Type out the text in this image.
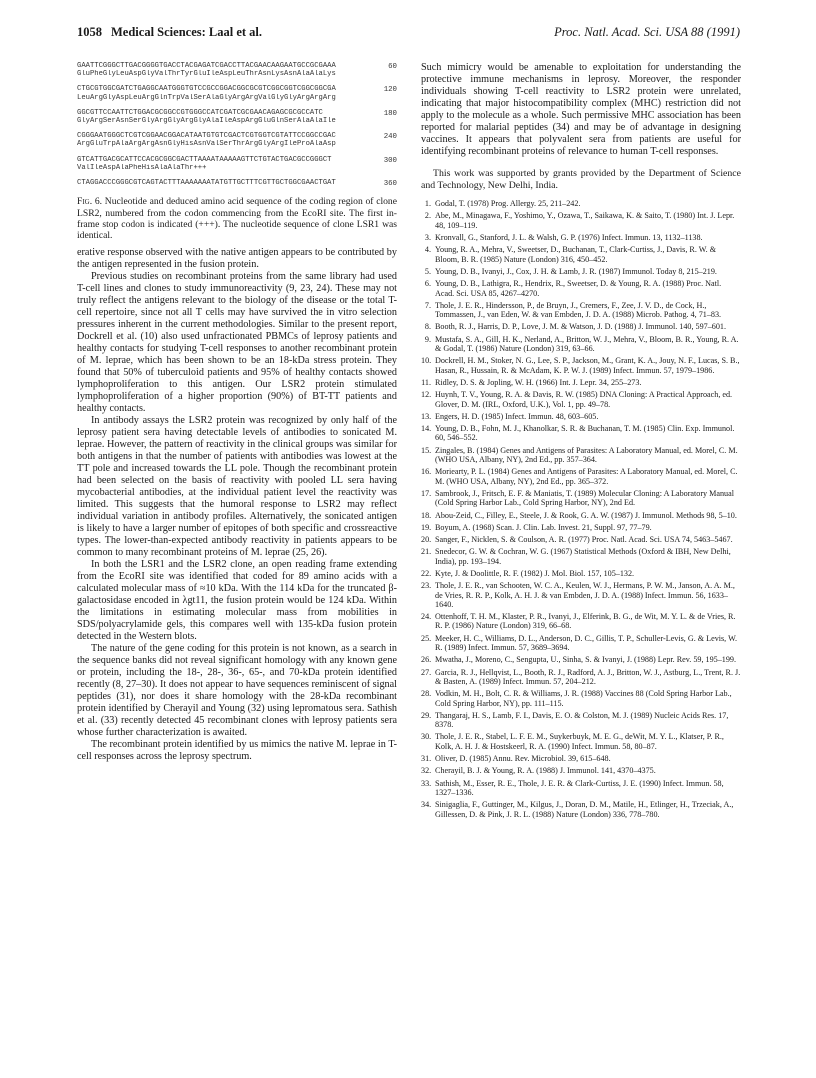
1058 Medical Sciences: Laal et al.	Proc. Natl. Acad. Sci. USA 88 (1991)
GAATTCGGGCTTGACGGGGTGACCTACGAGATCGACCTTACGAACAAGAATGCCGCGAAA
GluPheGlyLeuAspGlyValThrTyrGluIleAspLeuThrAsnLysAsnAlaAlaLys
60
CTGCGTGGCGATCTGAGGCAATGGGTGTCCGCCGGACGGCGCGTCGGCGGTCGGCGGCGA
LeuArgGlyAspLeuArgGlnTrpValSerAlaGlyArgArgValGlyGlyArgArgArg
120
GGCGTTCCAATTCTGGACGCGGCCGTGGGCCATCGATCGCGAACAGAGCGCGCCATC
GlyArgSerAsnSerGlyArgGlyArgGlyAlaIleAspArgGluGlnSerAlaAlaIle
180
CGGGAATGGGCTCGTCGGAACGGACATAATGTGTCGACTCGTGGTCGTATTCCGGCCGAC
ArgGluTrpAlaArgArgAsnGlyHisAsnValSerThrArgGlyArgIleProAlaAsp
240
GTCATTGACGCATTCCACGCGGCGACTTAAAATAAAAAGTTCTGTACTGACGCCGGGCT
ValIleAspAlaPheHisAlaAlaThr+++
300
CTAGGACCCGGGCGTCAGTACTTTAAAAAAATATGTTGCTTTCGTTGCTGGCGAACTGAT	360
Fig. 6. Nucleotide and deduced amino acid sequence of the coding region of clone LSR2, numbered from the codon commencing from the EcoRI site. The first in-frame stop codon is indicated (+++). The nucleotide sequence of clone LSR1 was identical.

erative response observed with the native antigen appears to be contributed by the antigen represented in the fusion protein.

Previous studies on recombinant proteins from the same library had used T-cell lines and clones to study immunoreactivity (9, 23, 24). These may not truly reflect the antigens relevant to the biology of the disease or the total T-cell repertoire, since not all T cells may have survived the in vitro selection pressures inherent in the current methodologies. Similar to the present report, Dockrell et al. (10) also used unfractionated PBMCs of leprosy patients and healthy contacts for studying T-cell responses to another recombinant protein of M. leprae, which has been shown to be an 18-kDa stress protein. They found that 50% of tuberculoid patients and 95% of healthy contacts showed lymphoproliferation to this antigen. Our LSR2 protein stimulated lymphoproliferation of a higher proportion (90%) of BT-TT patients and healthy contacts.

In antibody assays the LSR2 protein was recognized by only half of the leprosy patient sera having detectable levels of antibodies to sonicated M. leprae. However, the pattern of reactivity in the clinical groups was similar for both antigens in that the number of patients with antibodies was lowest at the TT pole and increased towards the LL pole. Though the recombinant protein had been selected on the basis of reactivity with pooled LL sera having mycobacterial antibodies, at the individual patient level the reactivity was limited. This suggests that the humoral response to LSR2 may reflect individual variation in antibody profiles. Alternatively, the sonicated antigen is likely to have a larger number of epitopes of both specific and crossreactive types. The lower-than-expected antibody reactivity in patients appears to be common to many recombinant proteins of M. leprae (25, 26).

In both the LSR1 and the LSR2 clone, an open reading frame extending from the EcoRI site was identified that coded for 89 amino acids with a calculated molecular mass of ≈10 kDa. With the 114 kDa for the truncated β-galactosidase encoded in λgt11, the fusion protein would be 124 kDa. Within the limitations in estimating molecular mass from mobilities in SDS/polyacrylamide gels, this compares well with 135-kDa fusion protein detected in the Western blots.

The nature of the gene coding for this protein is not known, as a search in the sequence banks did not reveal significant homology with any known gene or protein, including the 18-, 28-, 36-, 65-, and 70-kDa protein identified recently (8, 27–30). It does not appear to have sequences reminiscent of signal peptides (31), nor does it share homology with the 28-kDa recombinant protein identified by Cherayil and Young (32) using lepromatous sera. Sathish et al. (33) recently detected 45 recombinant clones with leprosy patients sera whose further characterization is awaited.

The recombinant protein identified by us mimics the native M. leprae in T-cell responses across the leprosy spectrum.

Such mimicry would be amenable to exploitation for understanding the protective immune mechanisms in leprosy. Moreover, the responder individuals showing T-cell reactivity to LSR2 protein were unrelated, indicating that major histocompatibility complex (MHC) restriction did not apply to the molecule as a whole. Such permissive MHC association has been reported for malarial peptides (34) and may be of advantage in designing vaccines. It appears that polyvalent sera from patients are useful for identifying recombinant proteins of relevance to human T-cell responses.

This work was supported by grants provided by the Department of Science and Technology, New Delhi, India.
1. Godal, T. (1978) Prog. Allergy. 25, 211–242.
2. Abe, M., Minagawa, F., Yoshimo, Y., Ozawa, T., Saikawa, K. & Saito, T. (1980) Int. J. Lepr. 48, 109–119.
3. Kronvall, G., Stanford, J. L. & Walsh, G. P. (1976) Infect. Immun. 13, 1132–1138.
4. Young, R. A., Mehra, V., Sweetser, D., Buchanan, T., Clark-Curtiss, J., Davis, R. W. & Bloom, B. R. (1985) Nature (London) 316, 450–452.
5. Young, D. B., Ivanyi, J., Cox, J. H. & Lamb, J. R. (1987) Immunol. Today 8, 215–219.
6. Young, D. B., Lathigra, R., Hendrix, R., Sweetser, D. & Young, R. A. (1988) Proc. Natl. Acad. Sci. USA 85, 4267–4270.
7. Thole, J. E. R., Hindersson, P., de Bruyn, J., Cremers, F., Zee, J. V. D., de Cock, H., Tommassen, J., van Eden, W. & van Embden, J. D. A. (1988) Microb. Pathog. 4, 71–83.
8. Booth, R. J., Harris, D. P., Love, J. M. & Watson, J. D. (1988) J. Immunol. 140, 597–601.
9. Mustafa, S. A., Gill, H. K., Nerland, A., Britton, W. J., Mehra, V., Bloom, B. R., Young, R. A. & Godal, T. (1986) Nature (London) 319, 63–66.
10. Dockrell, H. M., Stoker, N. G., Lee, S. P., Jackson, M., Grant, K. A., Jouy, N. F., Lucas, S. B., Hasan, R., Hussain, R. & McAdam, K. P. W. J. (1989) Infect. Immun. 57, 1979–1986.
11. Ridley, D. S. & Jopling, W. H. (1966) Int. J. Lepr. 34, 255–273.
12. Huynh, T. V., Young, R. A. & Davis, R. W. (1985) DNA Cloning: A Practical Approach, ed. Glover, D. M. (IRL, Oxford, U.K.), Vol. 1, pp. 49–78.
13. Engers, H. D. (1985) Infect. Immun. 48, 603–605.
14. Young, D. B., Fohn, M. J., Khanolkar, S. R. & Buchanan, T. M. (1985) Clin. Exp. Immunol. 60, 546–552.
15. Zingales, B. (1984) Genes and Antigens of Parasites: A Laboratory Manual, ed. Morel, C. M. (WHO USA, Albany, NY), 2nd Ed., pp. 357–364.
16. Moriearty, P. L. (1984) Genes and Antigens of Parasites: A Laboratory Manual, ed. Morel, C. M. (WHO USA, Albany, NY), 2nd Ed., pp. 365–372.
17. Sambrook, J., Fritsch, E. F. & Maniatis, T. (1989) Molecular Cloning: A Laboratory Manual (Cold Spring Harbor Lab., Cold Spring Harbor, NY), 2nd Ed.
18. Abou-Zeid, C., Filley, E., Steele, J. & Rook, G. A. W. (1987) J. Immunol. Methods 98, 5–10.
19. Boyum, A. (1968) Scan. J. Clin. Lab. Invest. 21, Suppl. 97, 77–79.
20. Sanger, F., Nicklen, S. & Coulson, A. R. (1977) Proc. Natl. Acad. Sci. USA 74, 5463–5467.
21. Snedecor, G. W. & Cochran, W. G. (1967) Statistical Methods (Oxford & IBH, New Delhi, India), pp. 193–194.
22. Kyte, J. & Doolittle, R. F. (1982) J. Mol. Biol. 157, 105–132.
23. Thole, J. E. R., van Schooten, W. C. A., Keulen, W. J., Hermans, P. W. M., Janson, A. A. M., de Vries, R. R. P., Kolk, A. H. J. & van Embden, J. D. A. (1988) Infect. Immun. 56, 1633–1640.
24. Ottenhoff, T. H. M., Klaster, P. R., Ivanyi, J., Elferink, B. G., de Wit, M. Y. L. & de Vries, R. R. P. (1986) Nature (London) 319, 66–68.
25. Meeker, H. C., Williams, D. L., Anderson, D. C., Gillis, T. P., Schuller-Levis, G. & Levis, W. R. (1989) Infect. Immun. 57, 3689–3694.
26. Mwatha, J., Moreno, C., Sengupta, U., Sinha, S. & Ivanyi, J. (1988) Lepr. Rev. 59, 195–199.
27. Garcia, R. J., Hellqvist, L., Booth, R. J., Radford, A. J., Britton, W. J., Astburg, L., Trent, R. J. & Basten, A. (1989) Infect. Immun. 57, 204–212.
28. Vodkin, M. H., Bolt, C. R. & Williams, J. R. (1988) Vaccines 88 (Cold Spring Harbor Lab., Cold Spring Harbor, NY), pp. 111–115.
29. Thangaraj, H. S., Lamb, F. I., Davis, E. O. & Colston, M. J. (1989) Nucleic Acids Res. 17, 8378.
30. Thole, J. E. R., Stabel, L. F. E. M., Suykerbuyk, M. E. G., deWit, M. Y. L., Klatser, P. R., Kolk, A. H. J. & Hostskeerl, R. A. (1990) Infect. Immun. 58, 80–87.
31. Oliver, D. (1985) Annu. Rev. Microbiol. 39, 615–648.
32. Cherayil, B. J. & Young, R. A. (1988) J. Immunol. 141, 4370–4375.
33. Sathish, M., Esser, R. E., Thole, J. E. R. & Clark-Curtiss, J. E. (1990) Infect. Immun. 58, 1327–1336.
34. Sinigaglia, F., Guttinger, M., Kilgus, J., Doran, D. M., Matile, H., Etlinger, H., Trzeciak, A., Gillessen, D. & Pink, J. R. L. (1988) Nature (London) 336, 778–780.
